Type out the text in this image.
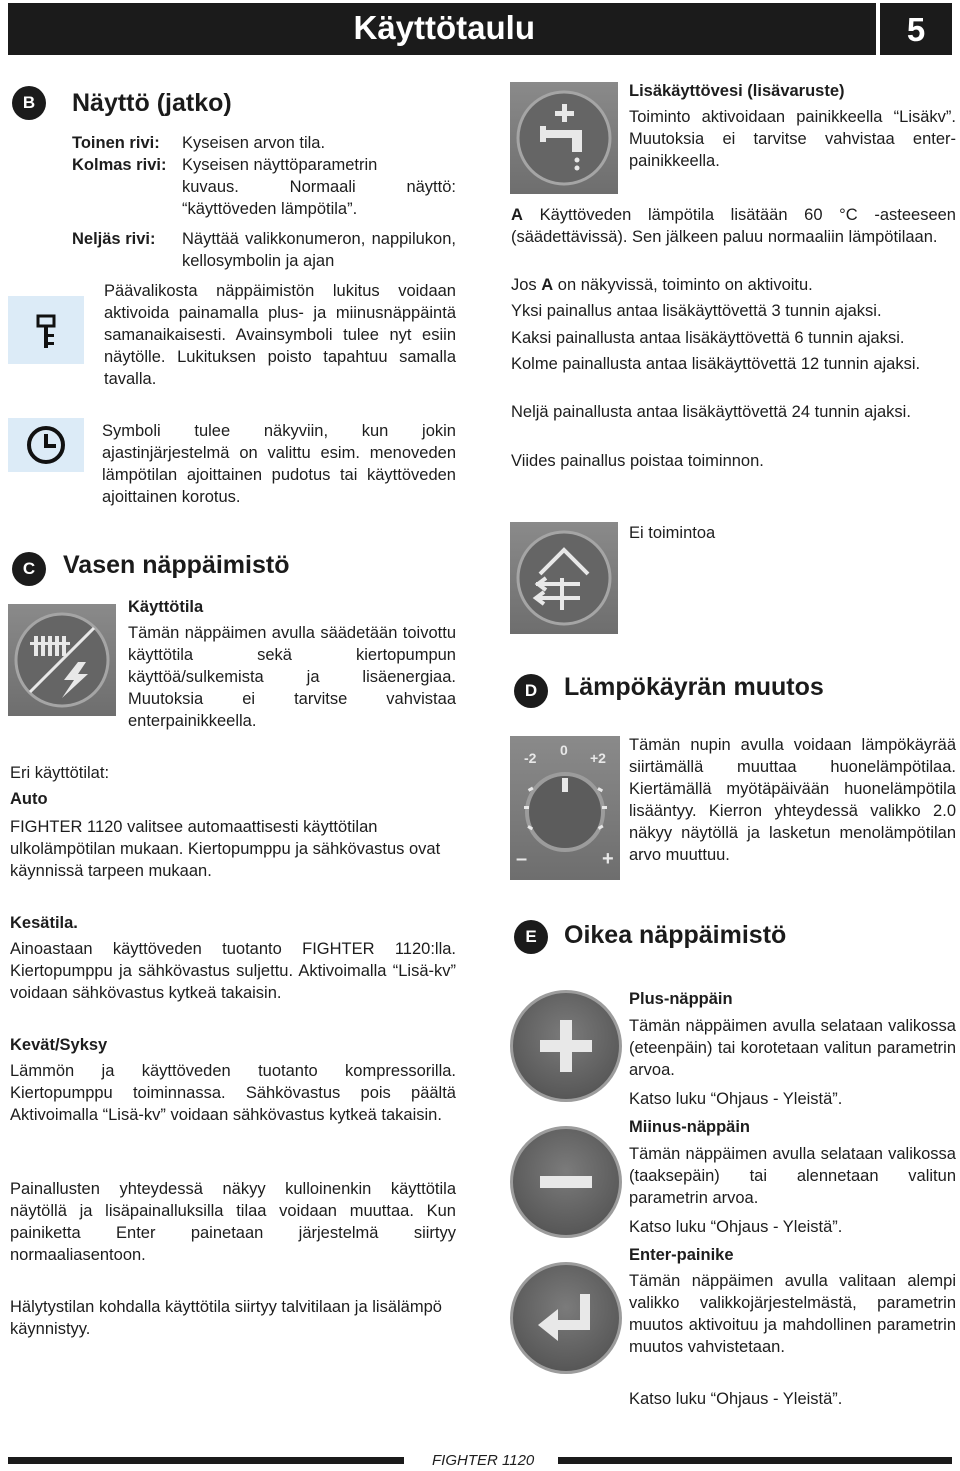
Käyttötaulu	5
B	Näyttö (jatko)
Toinen rivi: Kyseisen arvon tila.
Kolmas rivi: Kyseisen näyttöparametrin
kuvaus. Normaali näyttö: “käyttöveden lämpötila”.
Neljäs rivi:	Näyttää valikkonumeron, nappilukon, kellosymbolin ja ajan
Päävalikosta näppäimistön lukitus voidaan aktivoida painamalla plus- ja miinusnäppäintä samanaikaisesti. Avainsymboli tulee nyt esiin näytölle. Lukituksen poisto tapahtuu samalla tavalla.
Symboli tulee näkyviin, kun jokin ajastinjärjestelmä on valittu esim. menoveden lämpötilan ajoittainen pudotus tai käyttöveden ajoittainen korotus.
C	Vasen näppäimistö
Käyttötila
Tämän näppäimen avulla säädetään toivottu käyttötila sekä kiertopumpun käyttöä/sulkemista ja lisäenergiaa. Muutoksia ei tarvitse vahvistaa enterpainikkeella.
Eri käyttötilat:
Auto
FIGHTER 1120 valitsee automaattisesti käyttötilan ulkolämpötilan mukaan. Kiertopumppu ja sähkövastus ovat käynnissä tarpeen mukaan.
Kesätila.
Ainoastaan käyttöveden tuotanto FIGHTER 1120:lla. Kiertopumppu ja sähkövastus suljettu. Aktivoimalla “Lisä-kv” voidaan sähkövastus kytkeä takaisin.
Kevät/Syksy
Lämmön ja käyttöveden tuotanto kompressorilla. Kiertopumppu toiminnassa. Sähkövastus pois päältä Aktivoimalla “Lisä-kv” voidaan sähkövastus kytkeä takaisin.
Painallusten yhteydessä näkyy kulloinenkin käyttötila näytöllä ja lisäpainalluksilla tilaa voidaan muuttaa. Kun painiketta Enter painetaan järjestelmä siirtyy normaaliasentoon.
Hälytystilan kohdalla käyttötila siirtyy talvitilaan ja lisälämpö käynnistyy.
Lisäkäyttövesi (lisävaruste)
Toiminto aktivoidaan painikkeella “Lisäkv”. Muutoksia ei tarvitse vahvistaa enter-painikkeella.
A Käyttöveden lämpötila lisätään 60 °C -asteeseen (säädettävissä). Sen jälkeen paluu normaaliin lämpötilaan.
Jos A on näkyvissä, toiminto on aktivoitu.
Yksi painallus antaa lisäkäyttövettä 3 tunnin ajaksi.
Kaksi painallusta antaa lisäkäyttövettä 6 tunnin ajaksi.
Kolme painallusta antaa lisäkäyttövettä 12 tunnin ajaksi.
Neljä painallusta antaa lisäkäyttövettä 24 tunnin ajaksi.
Viides painallus poistaa toiminnon.
Ei toimintoa
D	Lämpökäyrän muutos
-2 0 +2
–	+
Tämän nupin avulla voidaan lämpökäyrää siirtämällä muuttaa huonelämpötilaa. Kiertämällä myötäpäivään huonelämpötila lisääntyy. Kierron yhteydessä valikko 2.0 näkyy näytöllä ja lasketun menolämpötilan arvo muuttuu.
E	Oikea näppäimistö
Plus-näppäin
Tämän näppäimen avulla selataan valikossa (eteenpäin) tai korotetaan valitun parametrin arvoa.
Katso luku “Ohjaus - Yleistä”.
Miinus-näppäin
Tämän näppäimen avulla selataan valikossa (taaksepäin) tai alennetaan valitun parametrin arvoa.
Katso luku “Ohjaus - Yleistä”.
Enter-painike
Tämän näppäimen avulla valitaan alempi valikko valikkojärjestelmästä, parametrin muutos aktivoituu ja mahdollinen parametrin muutos vahvistetaan.
Katso luku “Ohjaus - Yleistä”.
FIGHTER 1120
